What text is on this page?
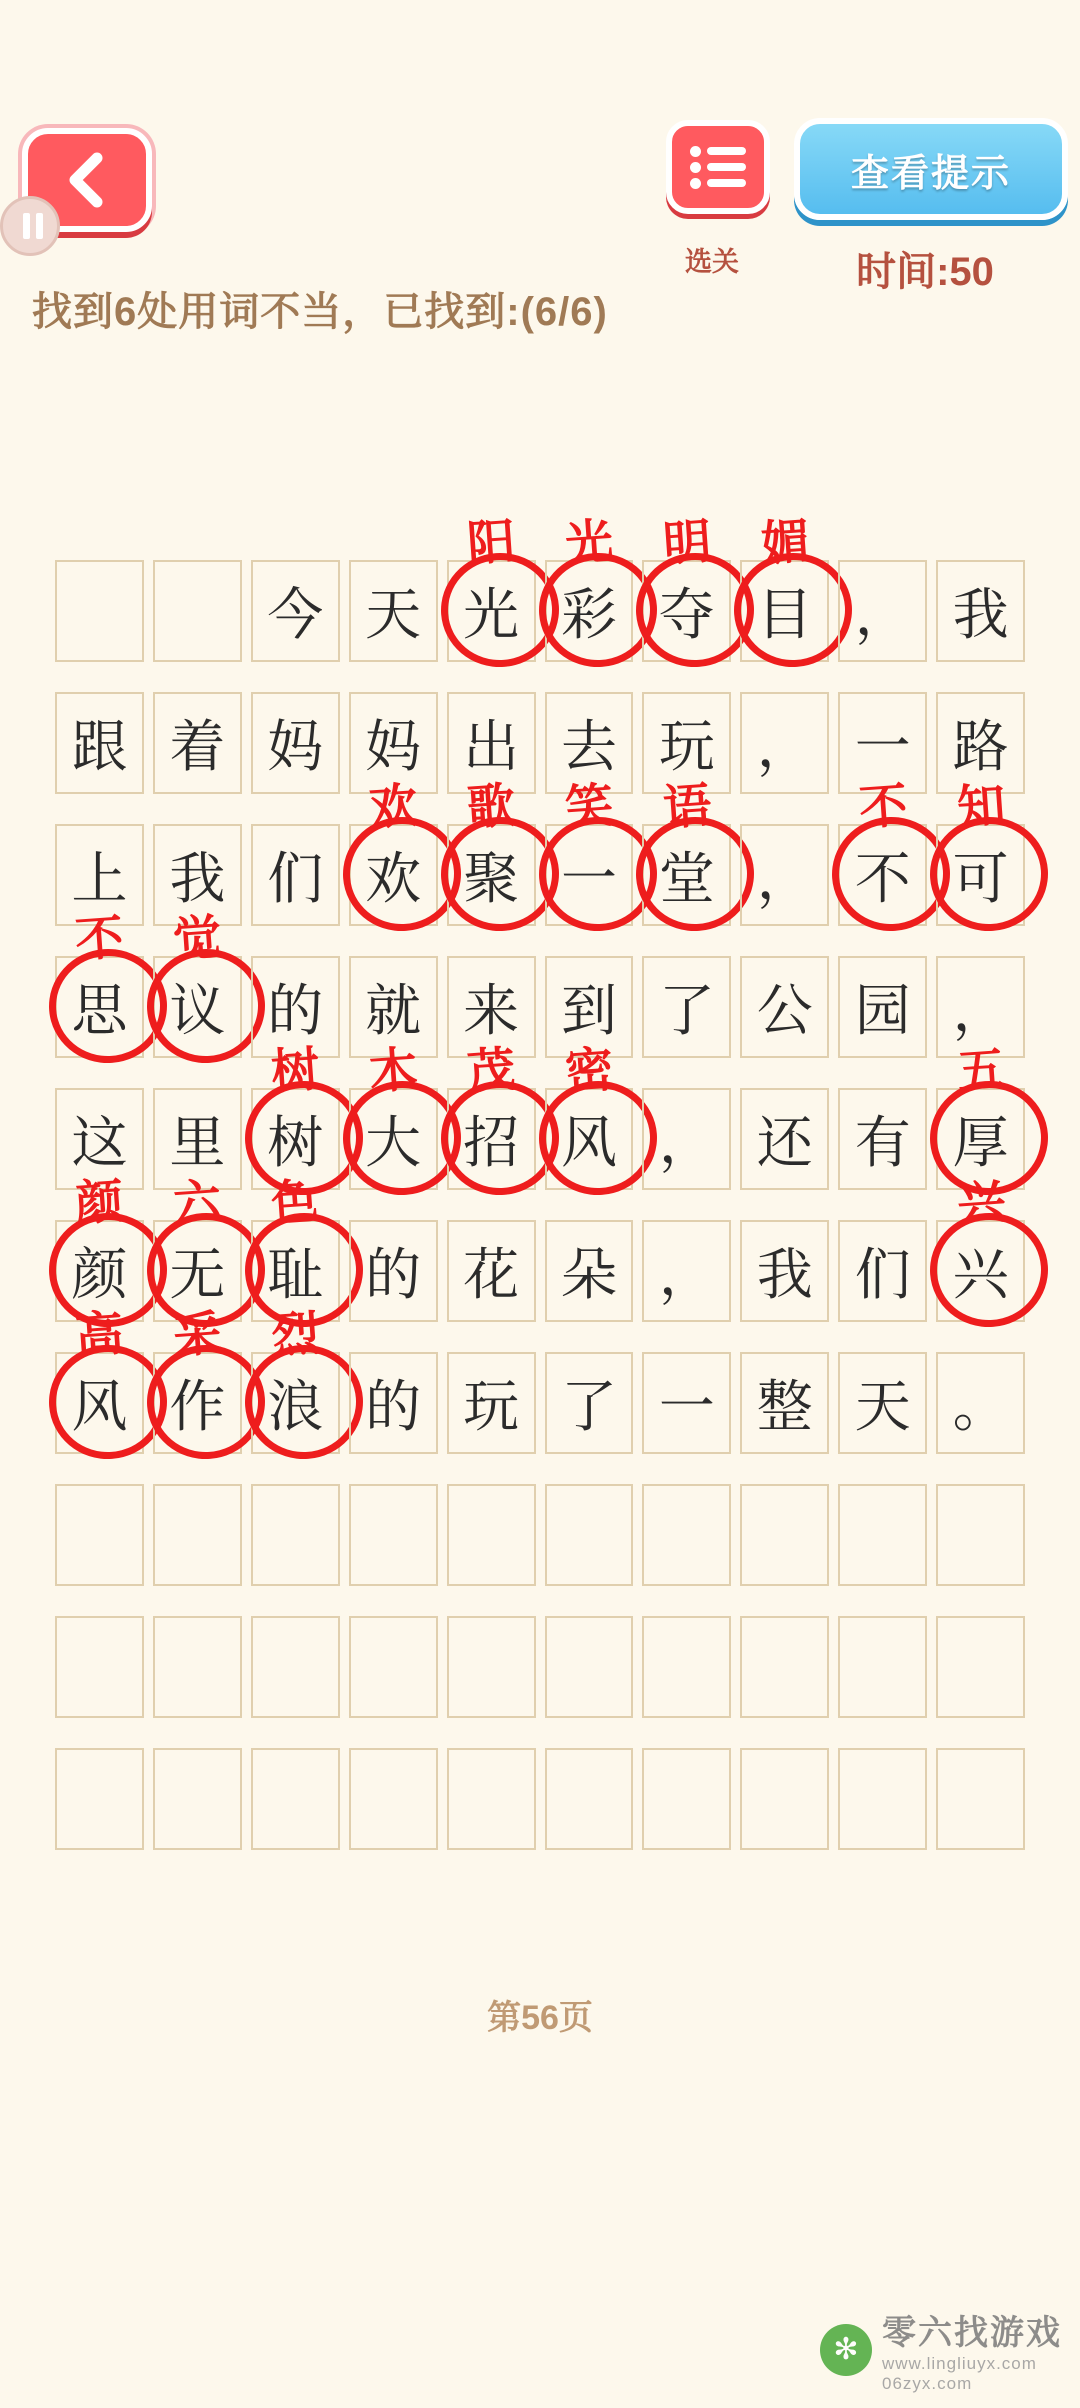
选关
查看提示
时间:50
找到6处用词不当，已找到:(6/6)
今 天 光
阳
彩
光
夺
明
目
媚
， 我
跟 着 妈 妈 出 去 玩 ， 一 路
上 我 们 欢
欢
聚
歌
一
笑
堂
语
， 不
不
可
知
思
不
议
觉
的 就 来 到 了 公 园 ，
这 里 树
树
大
木
招
茂
风
密
， 还 有 厚
五
颜
颜
无
六
耻
色
的 花 朵 ， 我 们 兴
兴
风
高
作
采
浪
烈
的 玩 了 一 整 天 。
第56页
✻ 零六找游戏
www.lingliuyx.com
06zyx.com
